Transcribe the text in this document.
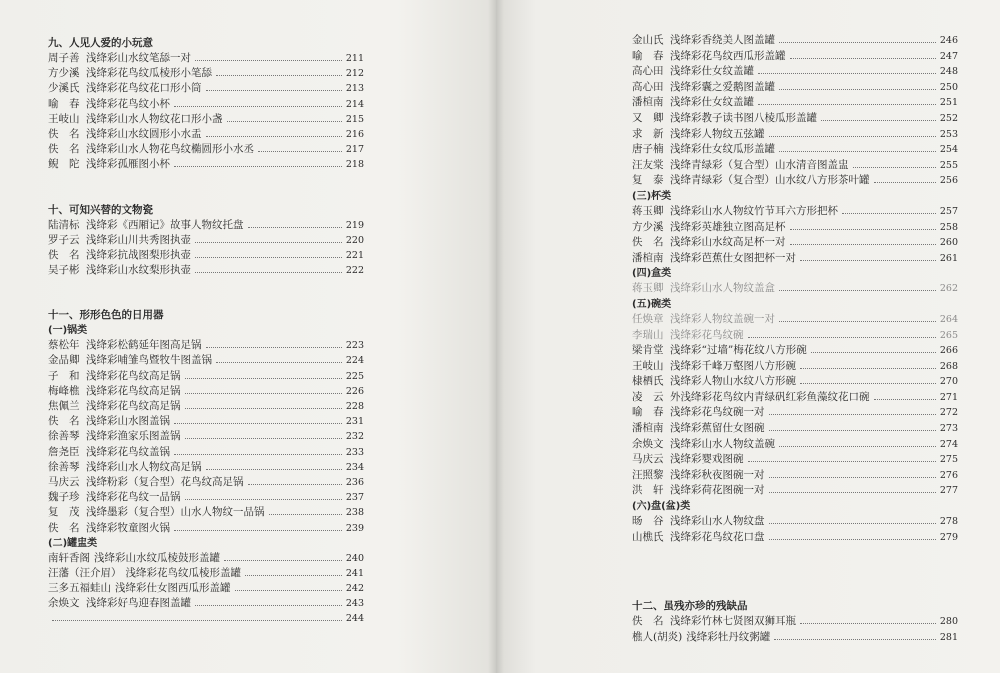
九、人见人爱的小玩意
周子善 浅绛彩山水纹笔舔一对	211
方少溪 浅绛彩花鸟纹瓜棱形小笔舔	212
少溪氏 浅绛彩花鸟纹花口形小筒	213
喻　春 浅绛彩花鸟纹小杯	214
王岐山 浅绛彩山水人物纹花口形小盏	215
佚　名 浅绛彩山水纹圆形小水盂	216
佚　名 浅绛彩山水人物花鸟纹椭圆形小水丞	217
鲵　陀 浅绛彩孤雁图小杯	218
十、可知兴替的文物瓷
陆清标 浅绛彩《西厢记》故事人物纹托盘	219
罗子云 浅绛彩山川共秀图执壶	220
佚　名 浅绛彩抗战图梨形执壶	221
吴子彬 浅绛彩山水纹梨形执壶	222
十一、形形色色的日用器
(一)锅类
蔡松年 浅绛彩松鹤延年图高足锅	223
金品卿 浅绛彩哺雏鸟暨牧牛图盖锅	224
子　和 浅绛彩花鸟纹高足锅	225
梅峰樵 浅绛彩花鸟纹高足锅	226
焦佩兰 浅绛彩花鸟纹高足锅	228
佚　名 浅绛彩山水图盖锅	231
徐善琴 浅绛彩渔家乐图盖锅	232
詹尧臣 浅绛彩花鸟纹盖锅	233
徐善琴 浅绛彩山水人物纹高足锅	234
马庆云 浅绛粉彩（复合型）花鸟纹高足锅	236
魏子珍 浅绛彩花鸟纹一品锅	237
复　茂 浅绛墨彩（复合型）山水人物纹一品锅	238
佚　名 浅绛彩牧童图火锅	239
(二)罐盅类
南轩香阁 浅绛彩山水纹瓜棱鼓形盖罐	240
汪藩（汪介眉） 浅绛彩花鸟纹瓜棱形盖罐	241
三多五福蛙山 浅绛彩仕女图西瓜形盖罐	242
余焕文 浅绛彩好鸟迎春图盖罐	243
244
金山氏 浅绛彩香绕美人图盖罐	246
喻　春 浅绛彩花鸟纹西瓜形盖罐	247
高心田 浅绛彩仕女纹盖罐	248
高心田 浅绛彩囊之爱鹅图盖罐	250
潘楦南 浅绛彩仕女纹盖罐	251
又　卿 浅绛彩教子读书图八棱瓜形盖罐	252
求　新 浅绛彩人物纹五弦罐	253
唐子楠 浅绛彩仕女纹瓜形盖罐	254
汪友棠 浅绛青绿彩（复合型）山水清音图盖盅	255
复　泰 浅绛青绿彩（复合型）山水纹八方形茶叶罐	256
(三)杯类
蒋玉卿 浅绛彩山水人物纹竹节耳六方形把杯	257
方少溪 浅绛彩英雄独立图高足杯	258
佚　名 浅绛彩山水纹高足杯一对	260
潘楦南 浅绛彩芭蕉仕女图把杯一对	261
(四)盒类
蒋玉卿 浅绛彩山水人物纹盖盒	262
(五)碗类
任焕章 浅绛彩人物纹盖碗一对	264
李瑞山 浅绛彩花鸟纹碗	265
梁肯堂 浅绛彩“过墙”梅花纹八方形碗	266
王岐山 浅绛彩千峰万壑图八方形碗	268
棣栖氏 浅绛彩人物山水纹八方形碗	270
凌　云 外浅绛彩花鸟纹内青绿矾红彩鱼藻纹花口碗	271
喻　春 浅绛彩花鸟纹碗一对	272
潘楦南 浅绛彩蕉留仕女图碗	273
余焕文 浅绛彩山水人物纹盖碗	274
马庆云 浅绛彩婴戏图碗	275
汪照黎 浅绛彩秋夜图碗一对	276
洪　轩 浅绛彩荷花图碗一对	277
(六)盘(盆)类
旸　谷 浅绛彩山水人物纹盘	278
山樵氏 浅绛彩花鸟纹花口盘	279
十二、虽残亦珍的残缺品
佚　名 浅绛彩竹林七贤图双狮耳瓶	280
樵人(胡炎) 浅绛彩牡丹纹粥罐	281
